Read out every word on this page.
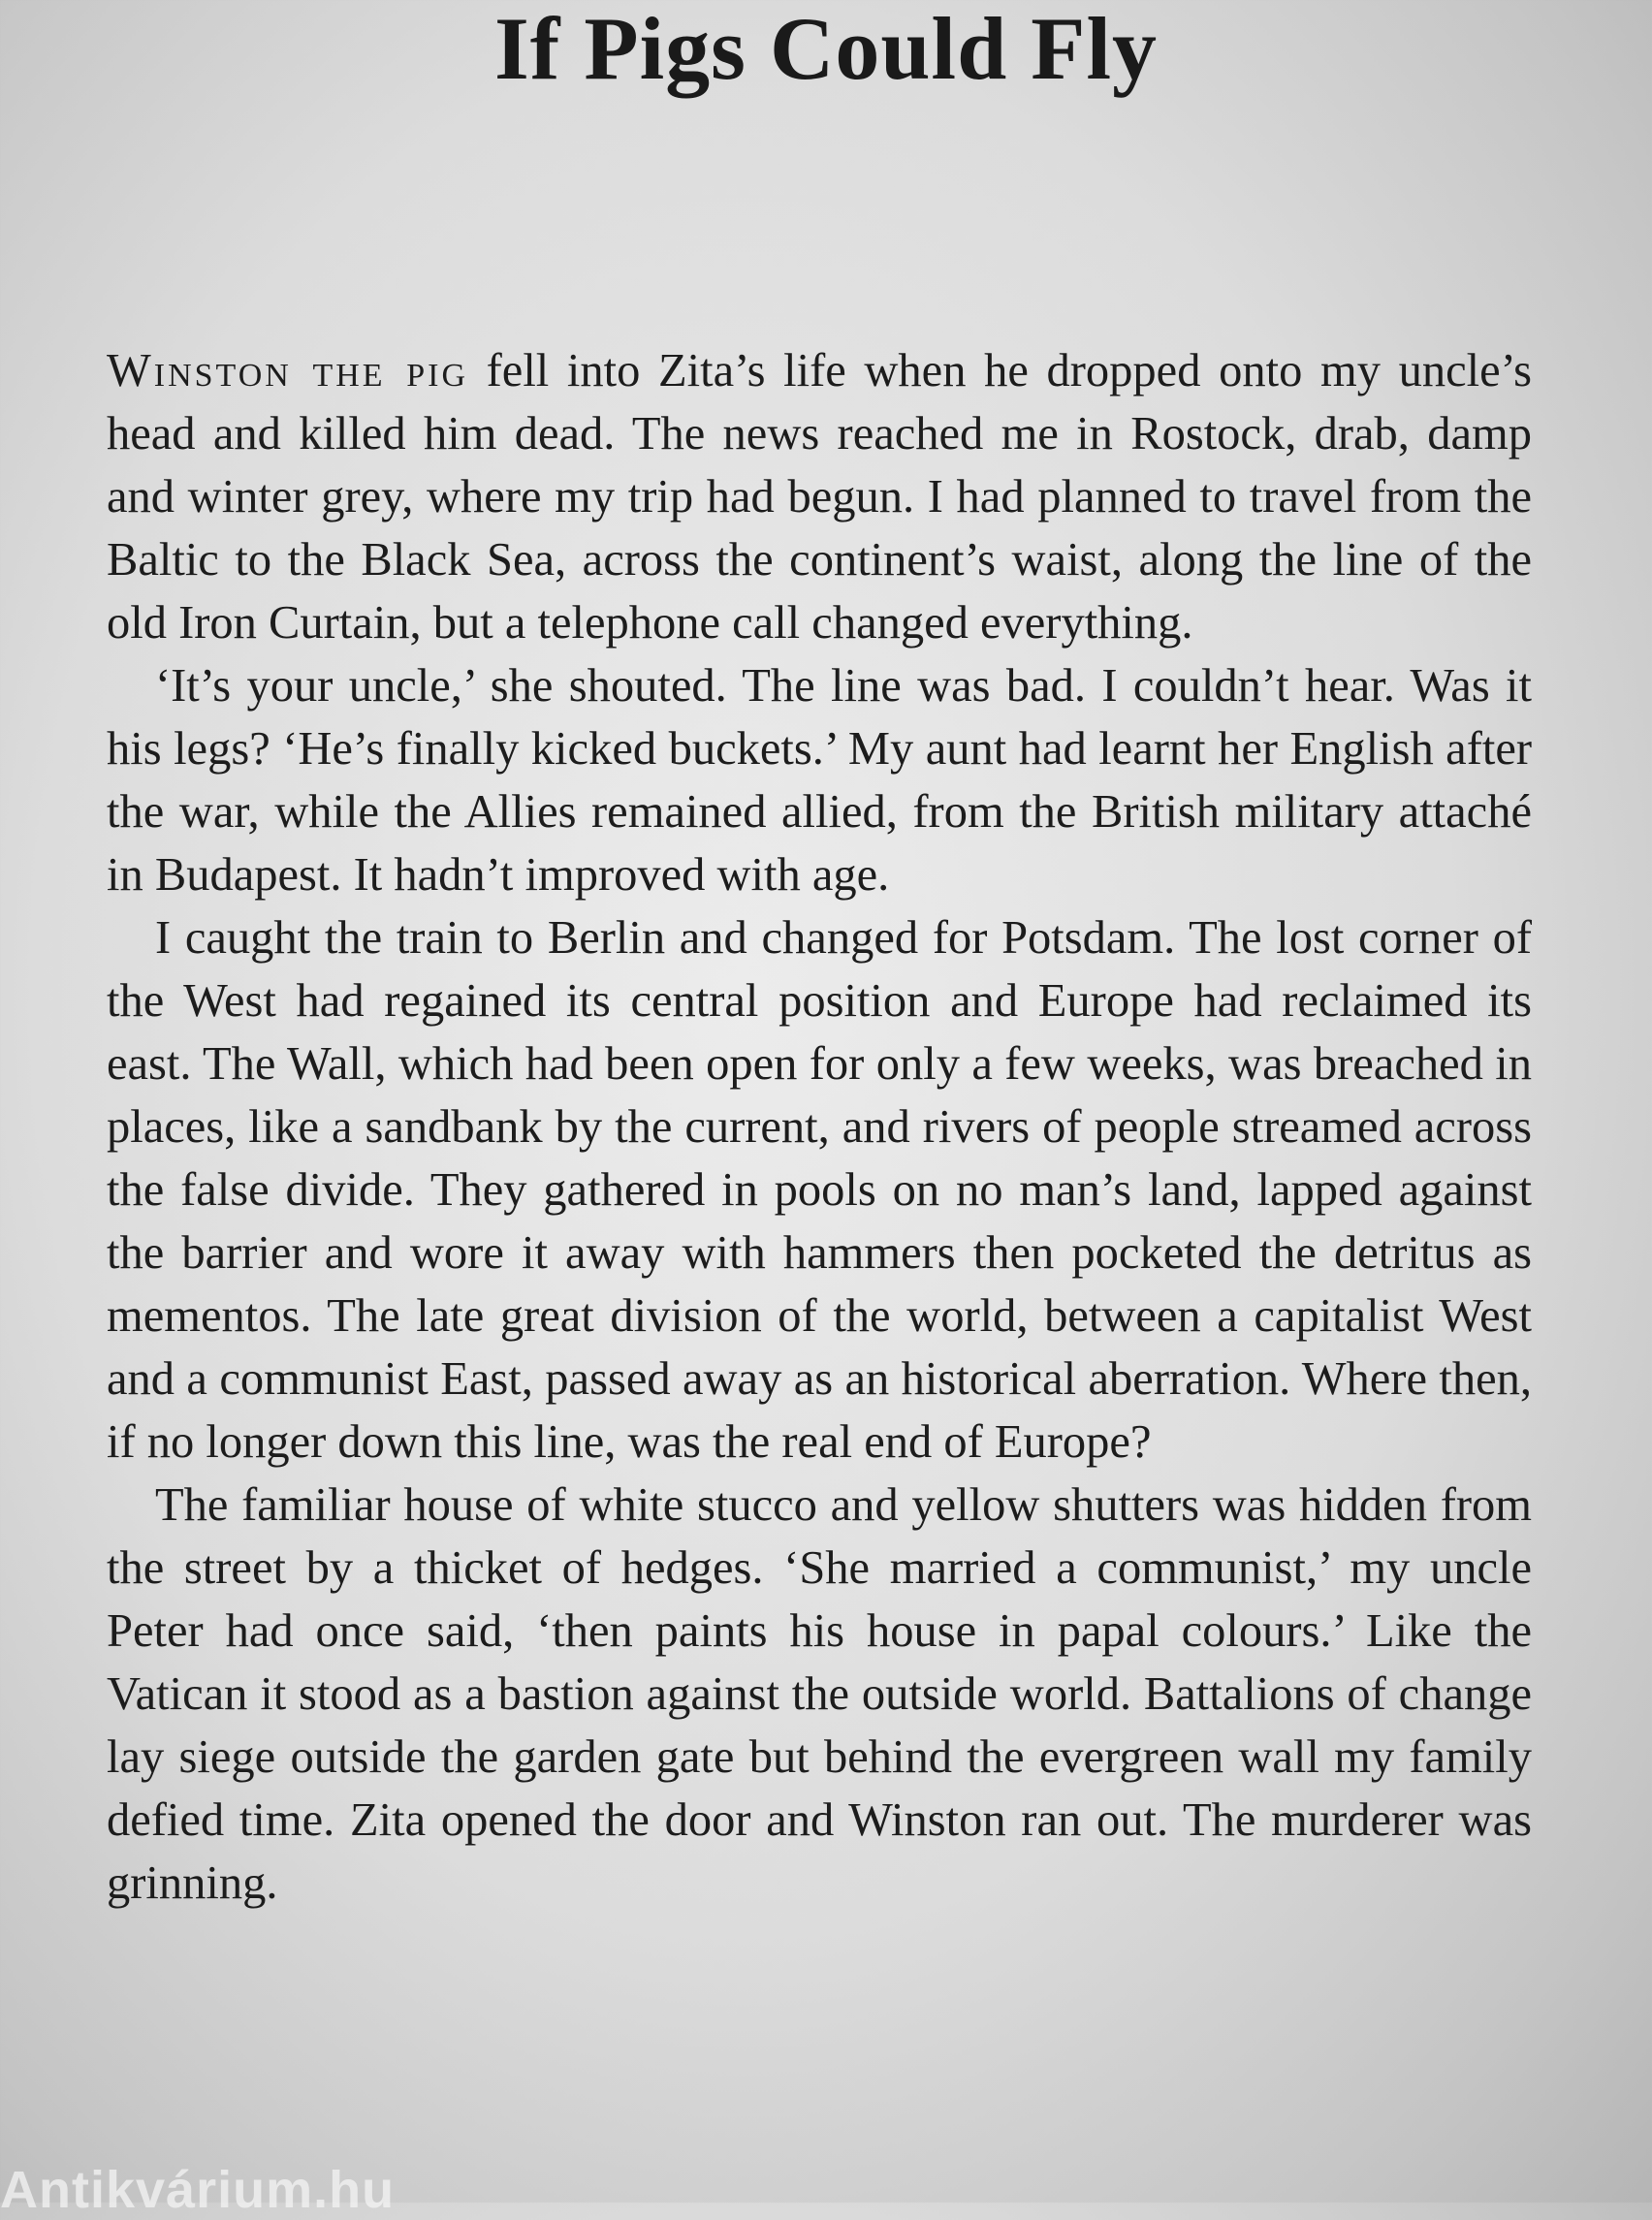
If Pigs Could Fly

Winston the pig fell into Zita’s life when he dropped onto my uncle’s head and killed him dead. The news reached me in Rostock, drab, damp and winter grey, where my trip had begun. I had planned to travel from the Baltic to the Black Sea, across the continent’s waist, along the line of the old Iron Curtain, but a telephone call changed everything.

‘It’s your uncle,’ she shouted. The line was bad. I couldn’t hear. Was it his legs? ‘He’s finally kicked buckets.’ My aunt had learnt her English after the war, while the Allies remained allied, from the British military attaché in Budapest. It hadn’t improved with age.

I caught the train to Berlin and changed for Potsdam. The lost corner of the West had regained its central position and Europe had reclaimed its east. The Wall, which had been open for only a few weeks, was breached in places, like a sandbank by the current, and rivers of people streamed across the false divide. They gathered in pools on no man’s land, lapped against the barrier and wore it away with hammers then pocketed the detritus as mementos. The late great division of the world, between a capitalist West and a communist East, passed away as an historical aberration. Where then, if no longer down this line, was the real end of Europe?

The familiar house of white stucco and yellow shutters was hidden from the street by a thicket of hedges. ‘She married a communist,’ my uncle Peter had once said, ‘then paints his house in papal colours.’ Like the Vatican it stood as a bastion against the outside world. Battalions of change lay siege outside the garden gate but behind the evergreen wall my family defied time. Zita opened the door and Winston ran out. The murderer was grinning.

Antikvárium.hu
